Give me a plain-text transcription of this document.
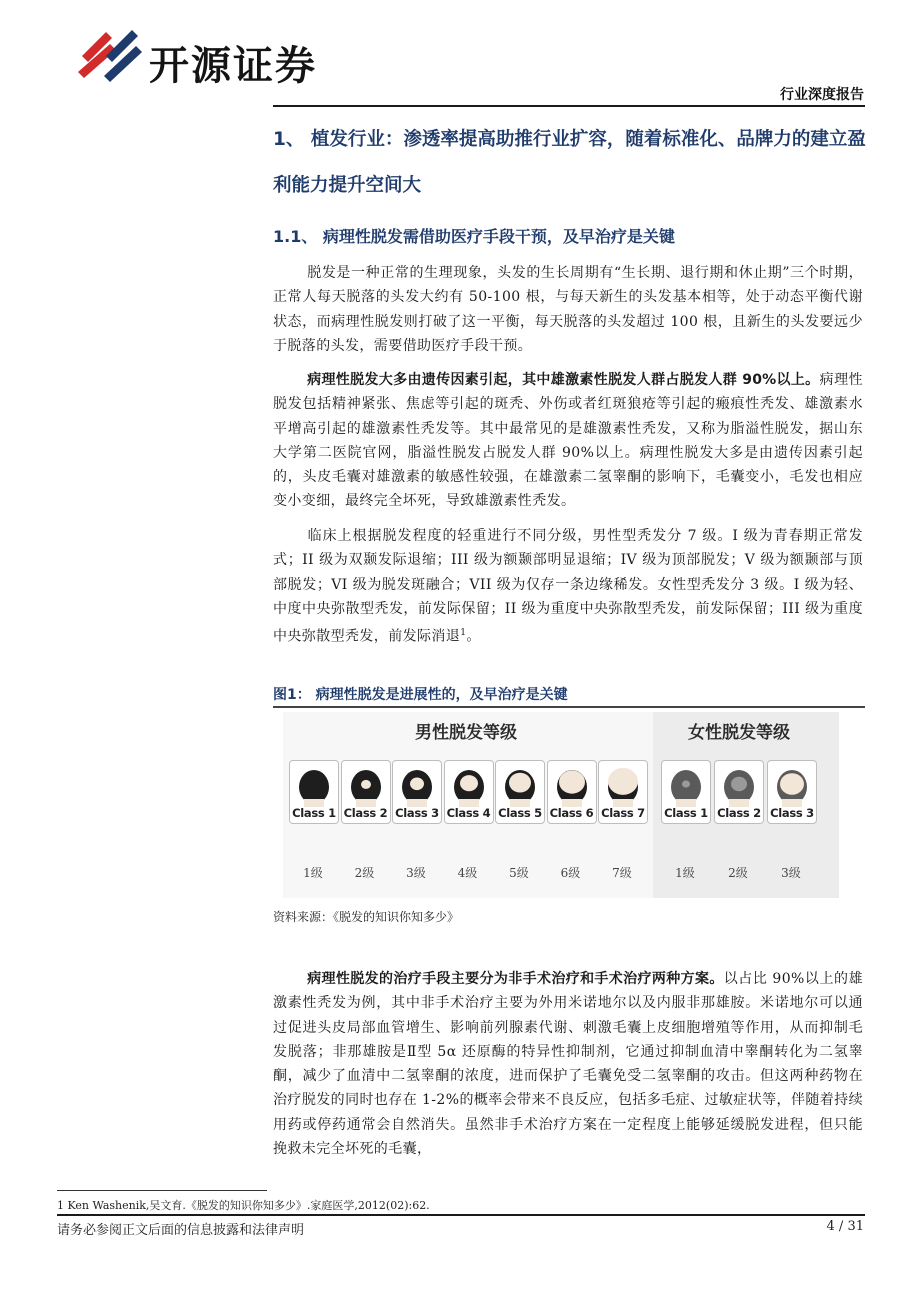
开源证券
行业深度报告
1、 植发行业：渗透率提高助推行业扩容，随着标准化、品牌力的建立盈利能力提升空间大
1.1、 病理性脱发需借助医疗手段干预，及早治疗是关键
脱发是一种正常的生理现象，头发的生长周期有“生长期、退行期和休止期”三个时期，正常人每天脱落的头发大约有 50-100 根，与每天新生的头发基本相等，处于动态平衡代谢状态，而病理性脱发则打破了这一平衡，每天脱落的头发超过 100 根，且新生的头发要远少于脱落的头发，需要借助医疗手段干预。
病理性脱发大多由遗传因素引起，其中雄激素性脱发人群占脱发人群 90%以上。病理性脱发包括精神紧张、焦虑等引起的斑秃、外伤或者红斑狼疮等引起的瘢痕性秃发、雄激素水平增高引起的雄激素性秃发等。其中最常见的是雄激素性秃发，又称为脂溢性脱发，据山东大学第二医院官网，脂溢性脱发占脱发人群 90%以上。病理性脱发大多是由遗传因素引起的，头皮毛囊对雄激素的敏感性较强，在雄激素二氢睾酮的影响下，毛囊变小，毛发也相应变小变细，最终完全坏死，导致雄激素性秃发。
临床上根据脱发程度的轻重进行不同分级，男性型秃发分 7 级。I 级为青春期正常发式；II 级为双颞发际退缩；III 级为额颞部明显退缩；IV 级为顶部脱发；V 级为额颞部与顶部脱发；VI 级为脱发斑融合；VII 级为仅存一条边缘稀发。女性型秃发分 3 级。I 级为轻、中度中央弥散型秃发，前发际保留；II 级为重度中央弥散型秃发，前发际保留；III 级为重度中央弥散型秃发，前发际消退$^1$。
图1： 病理性脱发是进展性的，及早治疗是关键
男性脱发等级	女性脱发等级
Class 1
1级
Class 2
2级
Class 3
3级
Class 4
4级
Class 5
5级
Class 6
6级
Class 7
7级
Class 1
1级
Class 2
2级
Class 3
3级
资料来源：《脱发的知识你知多少》
病理性脱发的治疗手段主要分为非手术治疗和手术治疗两种方案。以占比 90%以上的雄激素性秃发为例，其中非手术治疗主要为外用米诺地尔以及内服非那雄胺。米诺地尔可以通过促进头皮局部血管增生、影响前列腺素代谢、刺激毛囊上皮细胞增殖等作用，从而抑制毛发脱落；非那雄胺是Ⅱ型 5α 还原酶的特异性抑制剂，它通过抑制血清中睾酮转化为二氢睾酮，减少了血清中二氢睾酮的浓度，进而保护了毛囊免受二氢睾酮的攻击。但这两种药物在治疗脱发的同时也存在 1-2%的概率会带来不良反应，包括多毛症、过敏症状等，伴随着持续用药或停药通常会自然消失。虽然非手术治疗方案在一定程度上能够延缓脱发进程，但只能挽救未完全坏死的毛囊，
1 Ken Washenik,吴文育.《脱发的知识你知多少》.家庭医学,2012(02):62.
请务必参阅正文后面的信息披露和法律声明	4 / 31
